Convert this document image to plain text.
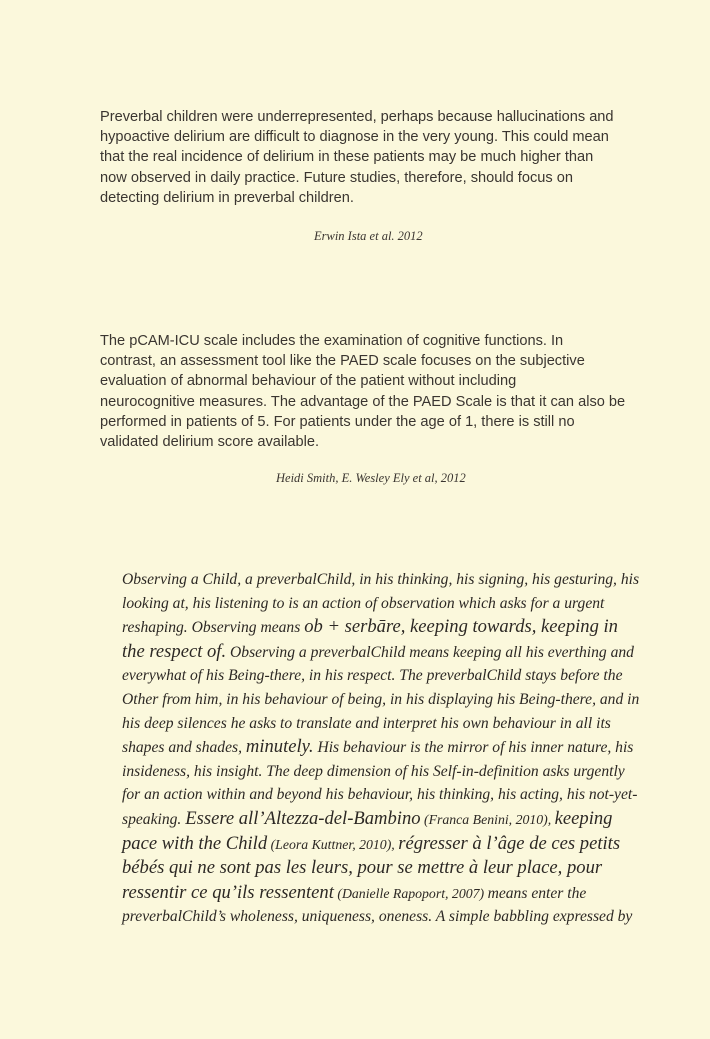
Preverbal children were underrepresented, perhaps because hallucinations and
hypoactive delirium are difficult to diagnose in the very young. This could mean
that the real incidence of delirium in these patients may be much higher than
now observed in daily practice. Future studies, therefore, should focus on
detecting delirium in preverbal children.

Erwin Ista et al. 2012

The pCAM-ICU scale includes the examination of cognitive functions. In
contrast, an assessment tool like the PAED scale focuses on the subjective
evaluation of abnormal behaviour of the patient without including
neurocognitive measures. The advantage of the PAED Scale is that it can also be
performed in patients of 5. For patients under the age of 1, there is still no
validated delirium score available.

Heidi Smith, E. Wesley Ely et al, 2012

Observing a Child, a preverbalChild, in his thinking, his signing, his gesturing, his looking at, his listening to is an action of observation which asks for a urgent reshaping. Observing means ob + serbāre, keeping towards, keeping in the respect of. Observing a preverbalChild means keeping all his everthing and everywhat of his Being-there, in his respect. The preverbalChild stays before the Other from him, in his behaviour of being, in his displaying his Being-there, and in his deep silences he asks to translate and interpret his own behaviour in all its shapes and shades, minutely. His behaviour is the mirror of his inner nature, his insideness, his insight. The deep dimension of his Self-in-definition asks urgently for an action within and beyond his behaviour, his thinking, his acting, his not-yet-speaking. Essere all’Altezza-del-Bambino (Franca Benini, 2010), keeping pace with the Child (Leora Kuttner, 2010), régresser à l’âge de ces petits bébés qui ne sont pas les leurs, pour se mettre à leur place, pour ressentir ce qu’ils ressentent (Danielle Rapoport, 2007) means enter the preverbalChild’s wholeness, uniqueness, oneness. A simple babbling expressed by
